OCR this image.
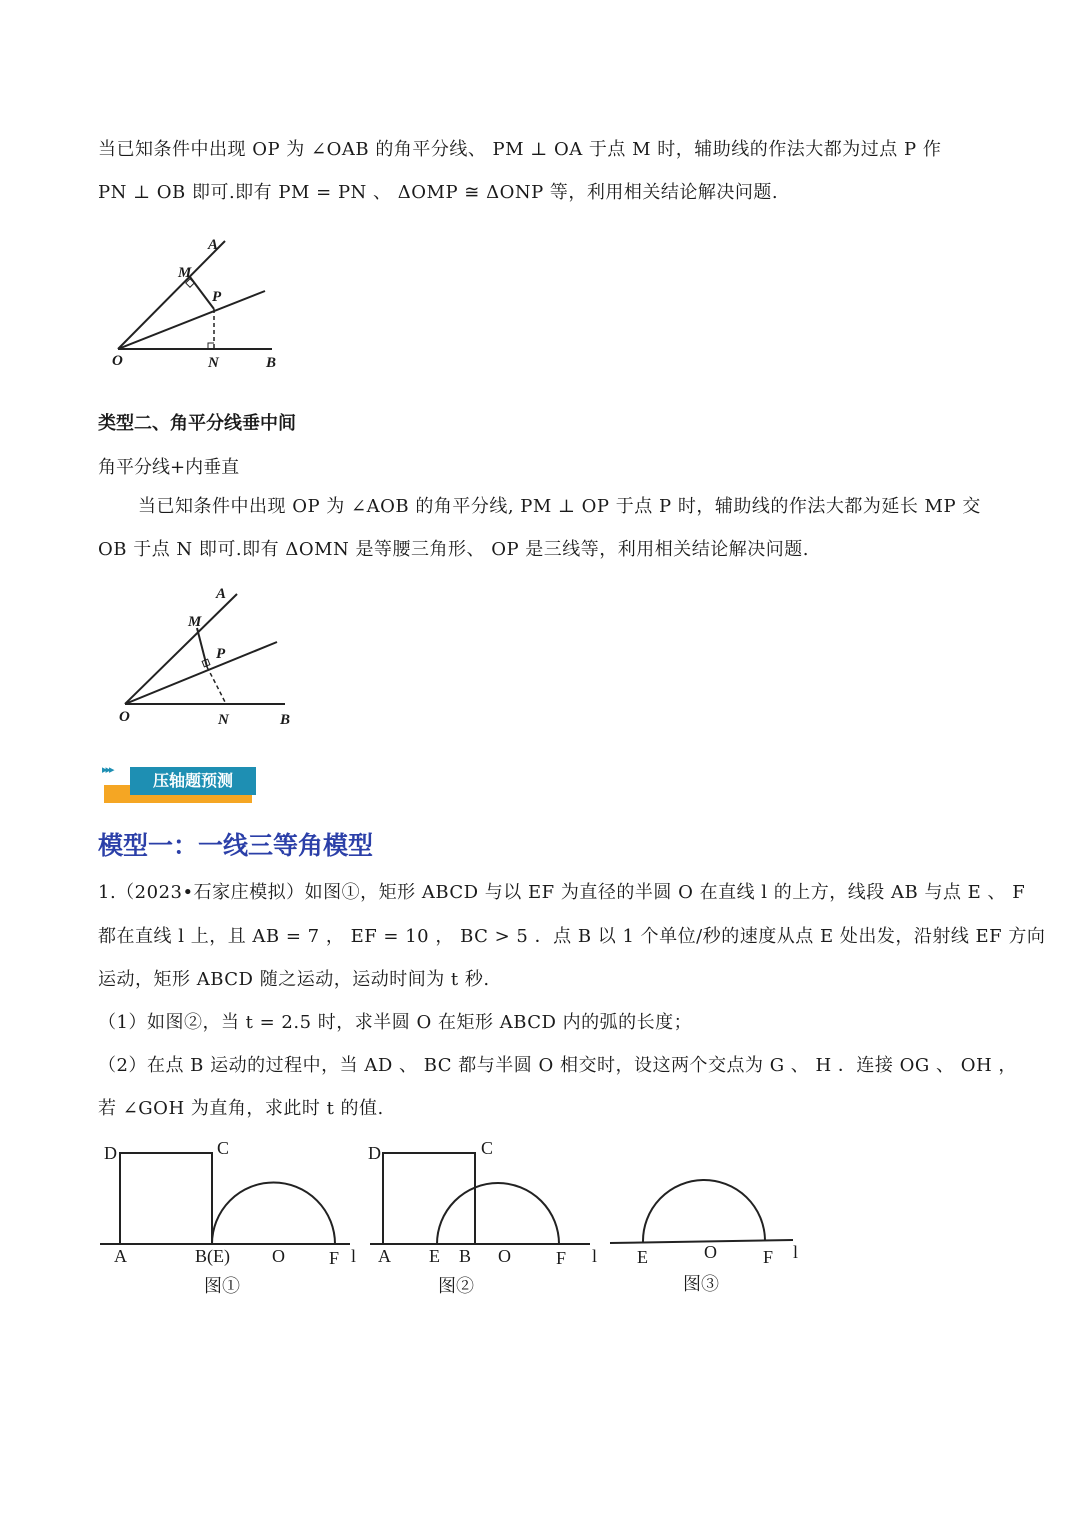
当已知条件中出现 OP 为 ∠OAB 的角平分线、 PM ⊥ OA 于点 M 时，辅助线的作法大都为过点 P 作
PN ⊥ OB 即可.即有 PM = PN 、 ΔOMP ≅ ΔONP 等，利用相关结论解决问题.
A
M
P
O	N	B
类型二、角平分线垂中间
角平分线+内垂直
当已知条件中出现 OP 为 ∠AOB 的角平分线, PM ⊥ OP 于点 P 时，辅助线的作法大都为延长 MP 交
OB 于点 N 即可.即有 ΔOMN 是等腰三角形、 OP 是三线等，利用相关结论解决问题.
A
M
P
O	N	B
▸▸▸
压轴题预测
模型一：一线三等角模型
1.（2023•石家庄模拟）如图①，矩形 ABCD 与以 EF 为直径的半圆 O 在直线 l 的上方，线段 AB 与点 E 、 F
都在直线 l 上，且 AB = 7 ， EF = 10 ， BC > 5 ．点 B 以 1 个单位/秒的速度从点 E 处出发，沿射线 EF 方向
运动，矩形 ABCD 随之运动，运动时间为 t 秒.
（1）如图②，当 t = 2.5 时，求半圆 O 在矩形 ABCD 内的弧的长度；
（2）在点 B 运动的过程中，当 AD 、 BC 都与半圆 O 相交时，设这两个交点为 G 、 H ．连接 OG 、 OH ，
若 ∠GOH 为直角，求此时 t 的值.
D	C
A	B(E) O F l
图①
D	C
A E B O	F l
图②
E	O	F l
图③
